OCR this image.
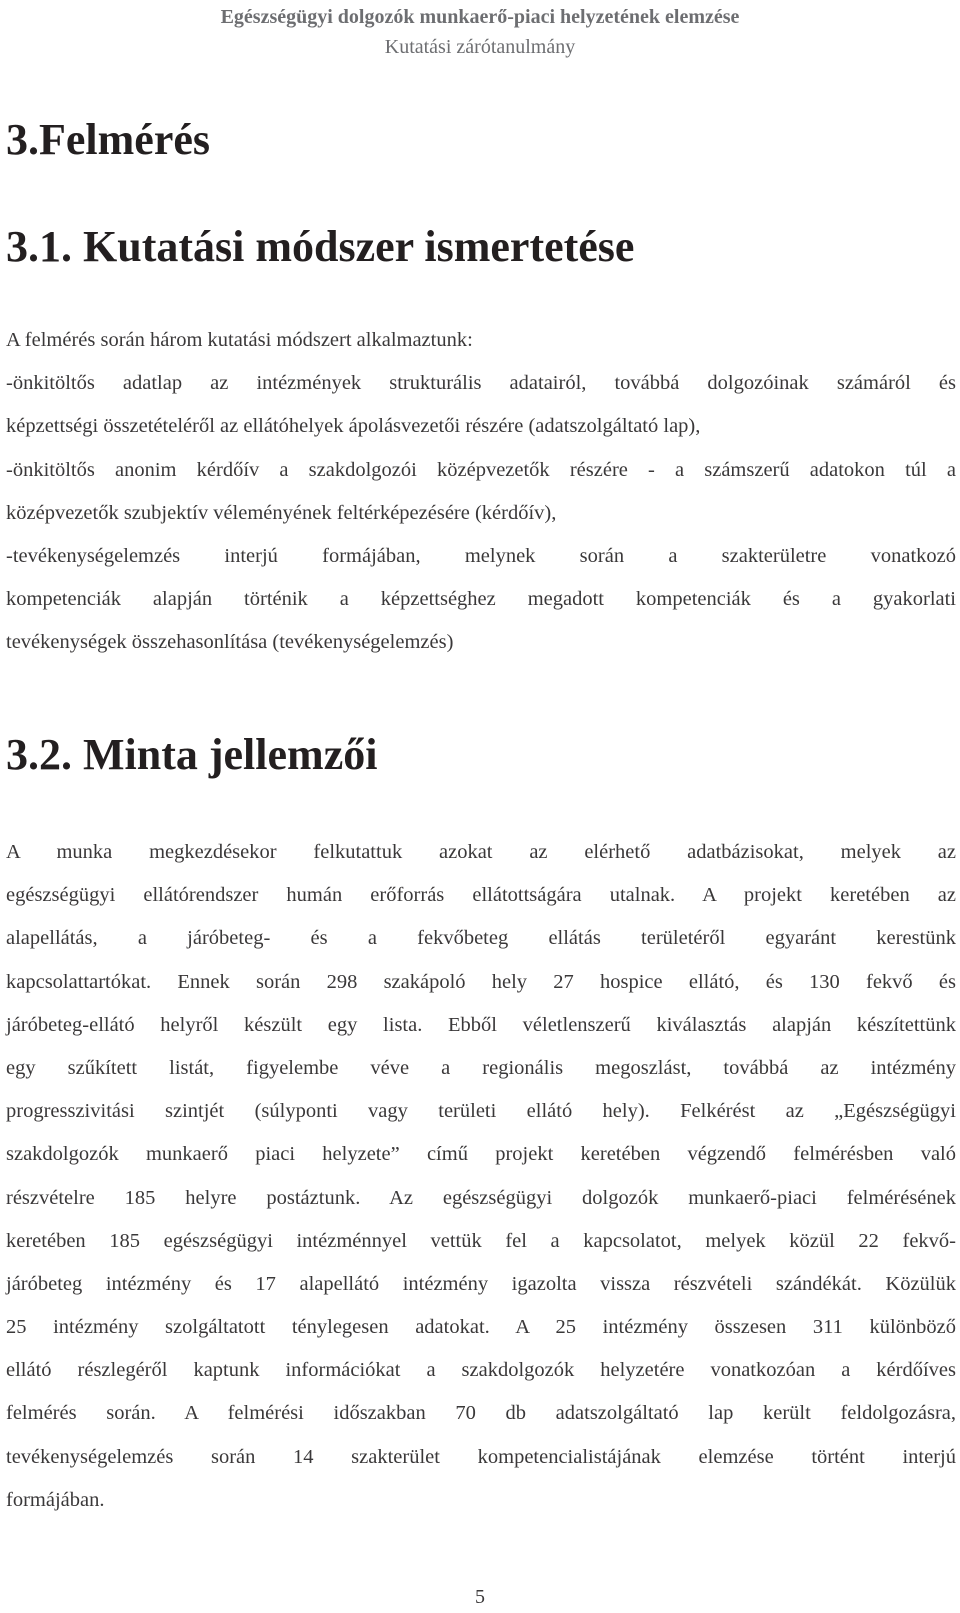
Egészségügyi dolgozók munkaerő-piaci helyzetének elemzése
Kutatási zárótanulmány
3.Felmérés
3.1. Kutatási módszer ismertetése
A felmérés során három kutatási módszert alkalmaztunk:
-önkitöltős adatlap az intézmények strukturális adatairól, továbbá dolgozóinak számáról és
képzettségi összetételéről az ellátóhelyek ápolásvezetői részére (adatszolgáltató lap),
-önkitöltős anonim kérdőív a szakdolgozói középvezetők részére - a számszerű adatokon túl a
középvezetők szubjektív véleményének feltérképezésére (kérdőív),
-tevékenységelemzés interjú formájában, melynek során a szakterületre vonatkozó
kompetenciák alapján történik a képzettséghez megadott kompetenciák és a gyakorlati
tevékenységek összehasonlítása (tevékenységelemzés)
3.2. Minta jellemzői
A munka megkezdésekor felkutattuk azokat az elérhető adatbázisokat, melyek az
egészségügyi ellátórendszer humán erőforrás ellátottságára utalnak. A projekt keretében az
alapellátás, a járóbeteg- és a fekvőbeteg ellátás területéről egyaránt kerestünk
kapcsolattartókat. Ennek során 298 szakápoló hely 27 hospice ellátó, és 130 fekvő és
járóbeteg-ellátó helyről készült egy lista. Ebből véletlenszerű kiválasztás alapján készítettünk
egy szűkített listát, figyelembe véve a regionális megoszlást, továbbá az intézmény
progresszivitási szintjét (súlyponti vagy területi ellátó hely). Felkérést az „Egészségügyi
szakdolgozók munkaerő piaci helyzete” című projekt keretében végzendő felmérésben való
részvételre 185 helyre postáztunk. Az egészségügyi dolgozók munkaerő-piaci felmérésének
keretében 185 egészségügyi intézménnyel vettük fel a kapcsolatot, melyek közül 22 fekvő-
járóbeteg intézmény és 17 alapellátó intézmény igazolta vissza részvételi szándékát. Közülük
25 intézmény szolgáltatott ténylegesen adatokat. A 25 intézmény összesen 311 különböző
ellátó részlegéről kaptunk információkat a szakdolgozók helyzetére vonatkozóan a kérdőíves
felmérés során. A felmérési időszakban 70 db adatszolgáltató lap került feldolgozásra,
tevékenységelemzés során 14 szakterület kompetencialistájának elemzése történt interjú
formájában.
5
